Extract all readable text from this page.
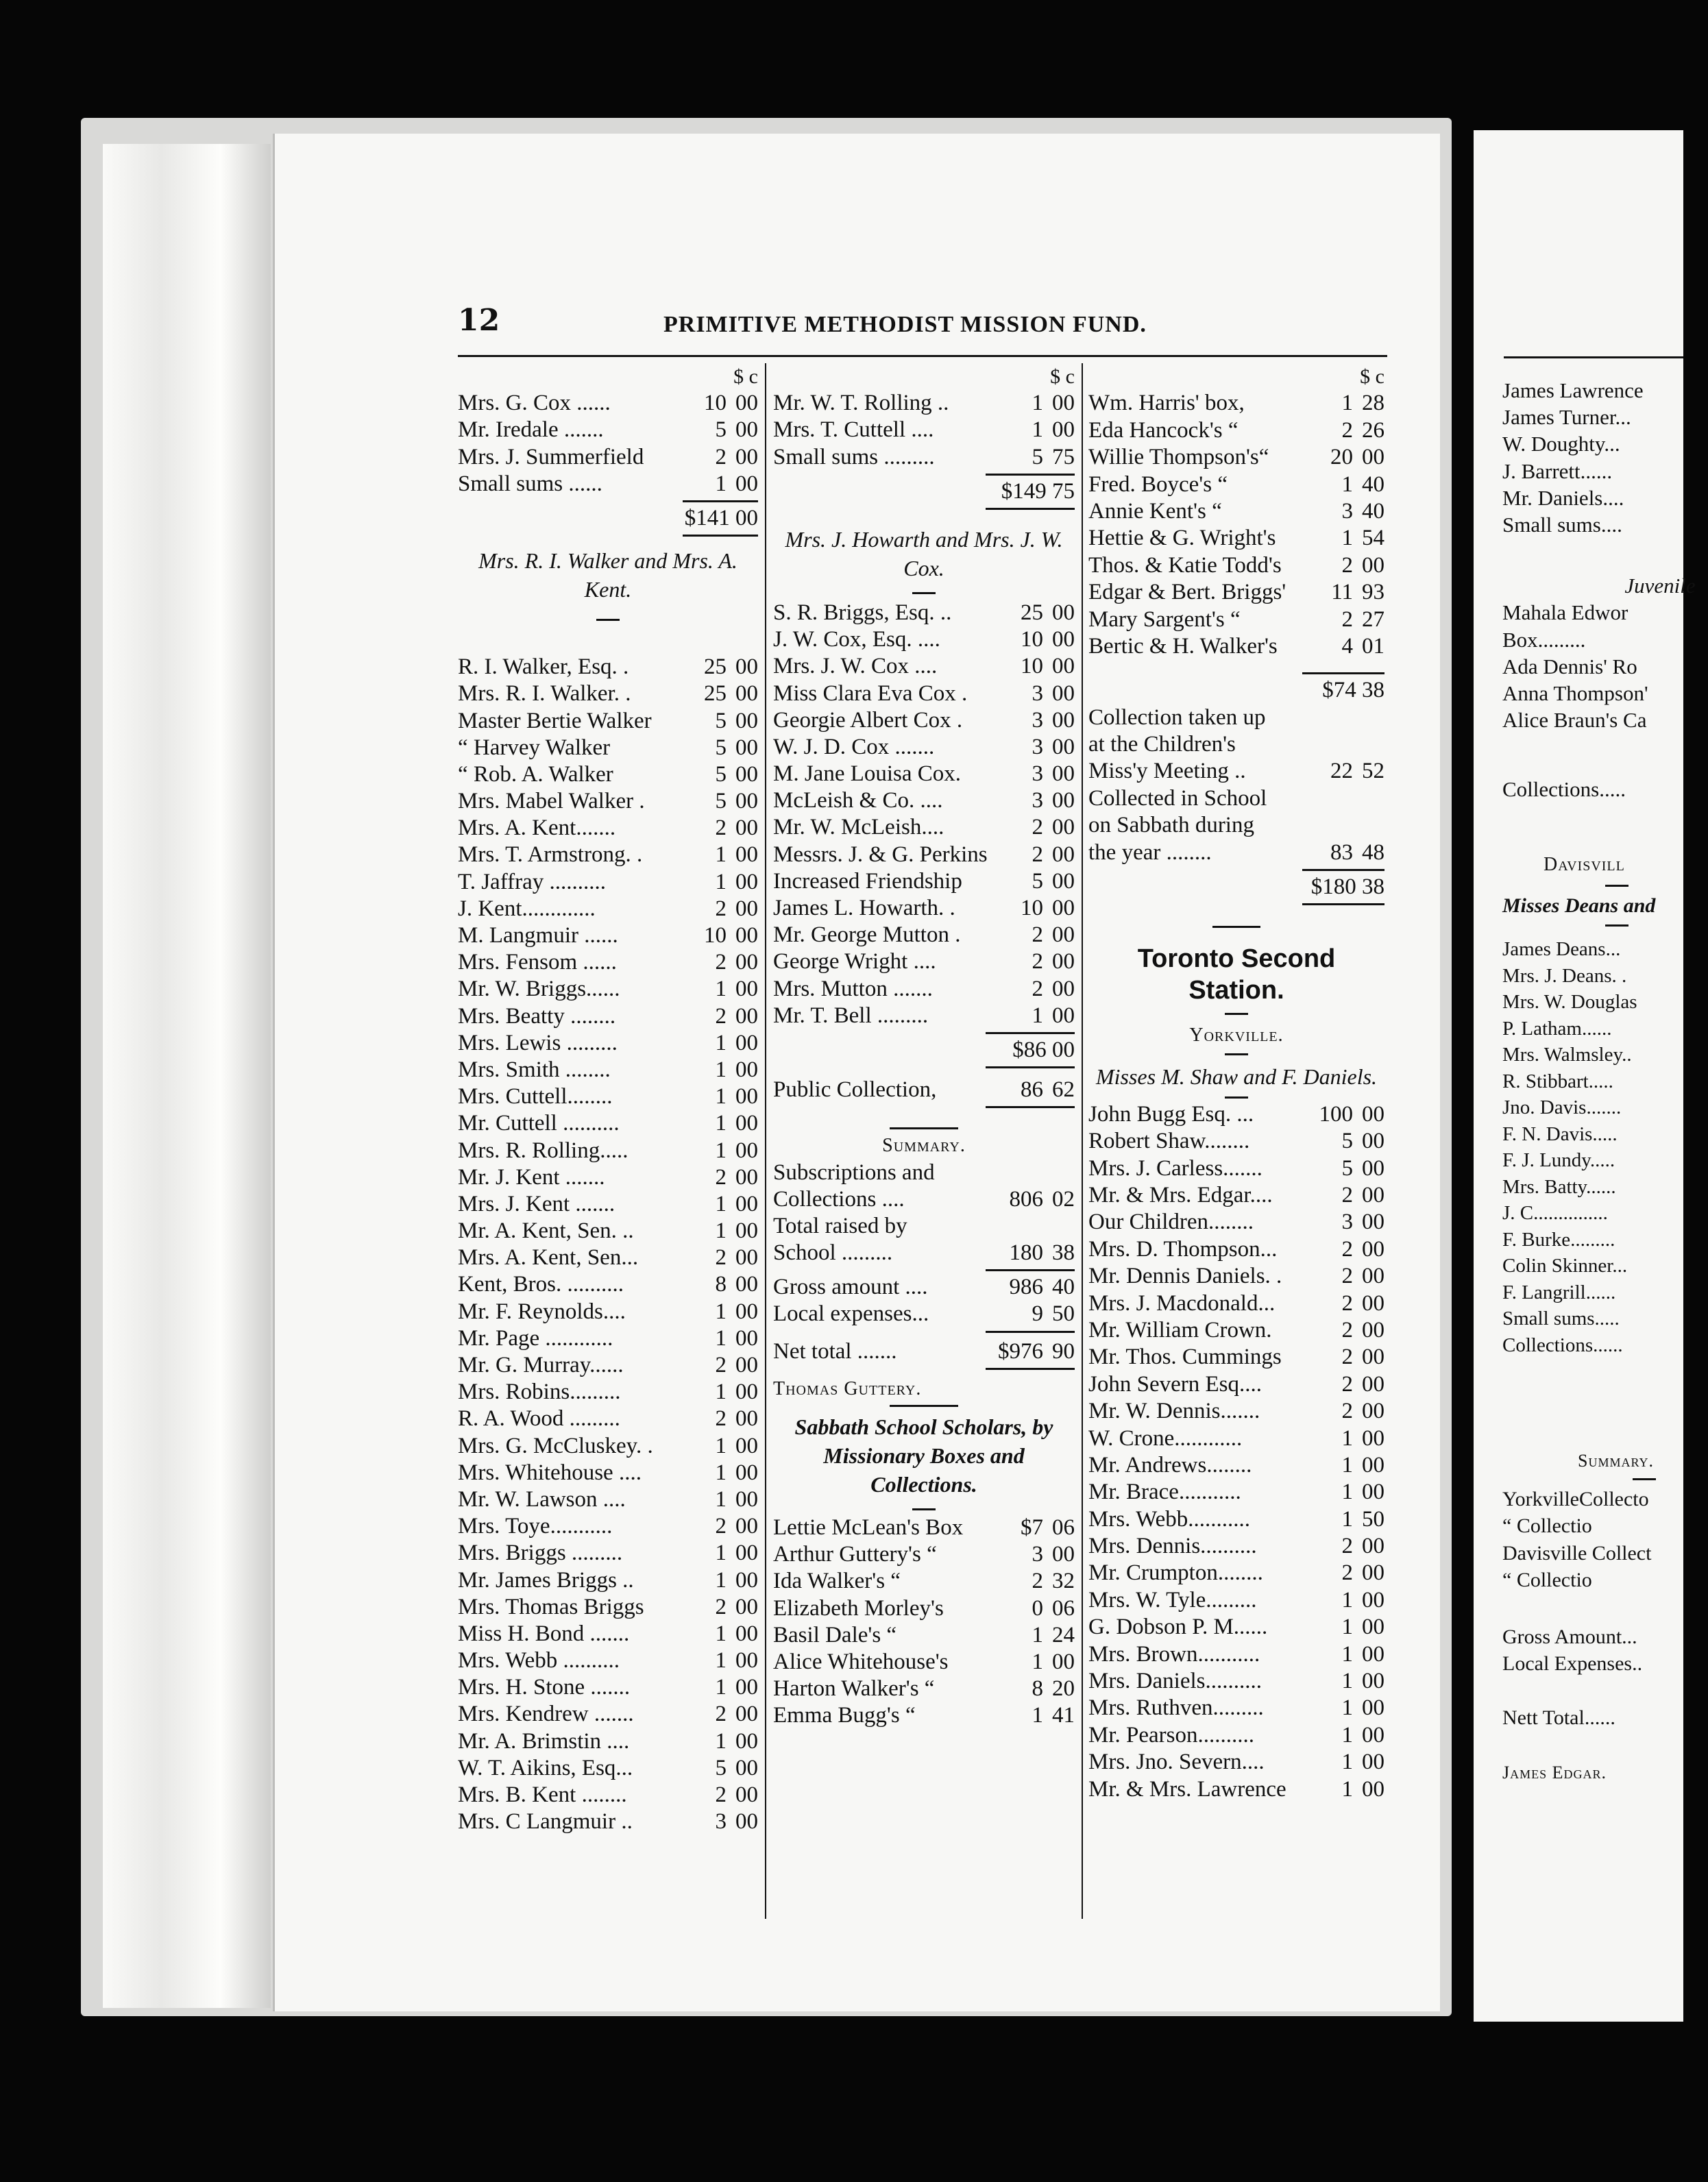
12	PRIMITIVE METHODIST MISSION FUND.
$ c
Mrs. G. Cox ......	10 00
Mr. Iredale .......	5 00
Mrs. J. Summerfield	2 00
Small sums ......	1 00
$141 00
Mrs. R. I. Walker and Mrs. A. Kent.
R. I. Walker, Esq. .	25 00
Mrs. R. I. Walker. .	25 00
Master Bertie Walker	5 00
“ Harvey Walker	5 00
“ Rob. A. Walker	5 00
Mrs. Mabel Walker .	5 00
Mrs. A. Kent.......	2 00
Mrs. T. Armstrong. .	1 00
T. Jaffray ..........	1 00
J. Kent.............	2 00
M. Langmuir ......	10 00
Mrs. Fensom ......	2 00
Mr. W. Briggs......	1 00
Mrs. Beatty ........	2 00
Mrs. Lewis .........	1 00
Mrs. Smith ........	1 00
Mrs. Cuttell........	1 00
Mr. Cuttell ..........	1 00
Mrs. R. Rolling.....	1 00
Mr. J. Kent .......	2 00
Mrs. J. Kent .......	1 00
Mr. A. Kent, Sen. ..	1 00
Mrs. A. Kent, Sen...	2 00
Kent, Bros. ..........	8 00
Mr. F. Reynolds....	1 00
Mr. Page ............	1 00
Mr. G. Murray......	2 00
Mrs. Robins.........	1 00
R. A. Wood .........	2 00
Mrs. G. McCluskey. .	1 00
Mrs. Whitehouse ....	1 00
Mr. W. Lawson ....	1 00
Mrs. Toye...........	2 00
Mrs. Briggs .........	1 00
Mr. James Briggs ..	1 00
Mrs. Thomas Briggs	2 00
Miss H. Bond .......	1 00
Mrs. Webb ..........	1 00
Mrs. H. Stone .......	1 00
Mrs. Kendrew .......	2 00
Mr. A. Brimstin ....	1 00
W. T. Aikins, Esq...	5 00
Mrs. B. Kent ........	2 00
Mrs. C Langmuir ..	3 00
$ c
Mr. W. T. Rolling ..	1 00
Mrs. T. Cuttell ....	1 00
Small sums .........	5 75
$149 75
Mrs. J. Howarth and Mrs. J. W. Cox.
S. R. Briggs, Esq. ..	25 00
J. W. Cox, Esq. ....	10 00
Mrs. J. W. Cox ....	10 00
Miss Clara Eva Cox .	3 00
Georgie Albert Cox .	3 00
W. J. D. Cox .......	3 00
M. Jane Louisa Cox.	3 00
McLeish & Co. ....	3 00
Mr. W. McLeish....	2 00
Messrs. J. & G. Perkins	2 00
Increased Friendship	5 00
James L. Howarth. .	10 00
Mr. George Mutton .	2 00
George Wright ....	2 00
Mrs. Mutton .......	2 00
Mr. T. Bell .........	1 00
$86 00
Public Collection,	86 62
Summary.
Subscriptions and
Collections ....	806 02
Total raised by
School .........	180 38
Gross amount ....	986 40
Local expenses...	9 50
Net total .......	$976 90
Thomas Guttery.
Sabbath School Scholars, by Missionary Boxes and Collections.
Lettie McLean's Box	$7 06
Arthur Guttery's “	3 00
Ida Walker's “	2 32
Elizabeth Morley's	0 06
Basil Dale's “	1 24
Alice Whitehouse's	1 00
Harton Walker's “	8 20
Emma Bugg's “	1 41
$ c
Wm. Harris' box,	1 28
Eda Hancock's “	2 26
Willie Thompson's“	20 00
Fred. Boyce's “	1 40
Annie Kent's “	3 40
Hettie & G. Wright's	1 54
Thos. & Katie Todd's	2 00
Edgar & Bert. Briggs'	11 93
Mary Sargent's “	2 27
Bertic & H. Walker's	4 01
$74 38
Collection taken up
at the Children's
Miss'y Meeting ..	22 52
Collected in School
on Sabbath during
the year ........	83 48
$180 38
Toronto Second Station.
Yorkville.
Misses M. Shaw and F. Daniels.
John Bugg Esq. ...	100 00
Robert Shaw........	5 00
Mrs. J. Carless.......	5 00
Mr. & Mrs. Edgar....	2 00
Our Children........	3 00
Mrs. D. Thompson...	2 00
Mr. Dennis Daniels. .	2 00
Mrs. J. Macdonald...	2 00
Mr. William Crown.	2 00
Mr. Thos. Cummings	2 00
John Severn Esq....	2 00
Mr. W. Dennis.......	2 00
W. Crone............	1 00
Mr. Andrews........	1 00
Mr. Brace...........	1 00
Mrs. Webb...........	1 50
Mrs. Dennis..........	2 00
Mr. Crumpton........	2 00
Mrs. W. Tyle.........	1 00
G. Dobson P. M......	1 00
Mrs. Brown...........	1 00
Mrs. Daniels..........	1 00
Mrs. Ruthven.........	1 00
Mr. Pearson..........	1 00
Mrs. Jno. Severn....	1 00
Mr. & Mrs. Lawrence	1 00
James Lawrence
James Turner...
W. Doughty...
J. Barrett......
Mr. Daniels....
Small sums....
Juvenile
Mahala Edwor
Box.........
Ada Dennis' Ro
Anna Thompson'
Alice Braun's Ca
Collections.....
Davisvill
Misses Deans and
James Deans...
Mrs. J. Deans. .
Mrs. W. Douglas
P. Latham......
Mrs. Walmsley..
R. Stibbart.....
Jno. Davis.......
F. N. Davis.....
F. J. Lundy.....
Mrs. Batty......
J. C...............
F. Burke.........
Colin Skinner...
F. Langrill......
Small sums.....
Collections......
Summary.
YorkvilleCollecto
“ Collectio
Davisville Collect
“ Collectio
Gross Amount...
Local Expenses..
Nett Total......
James Edgar.
